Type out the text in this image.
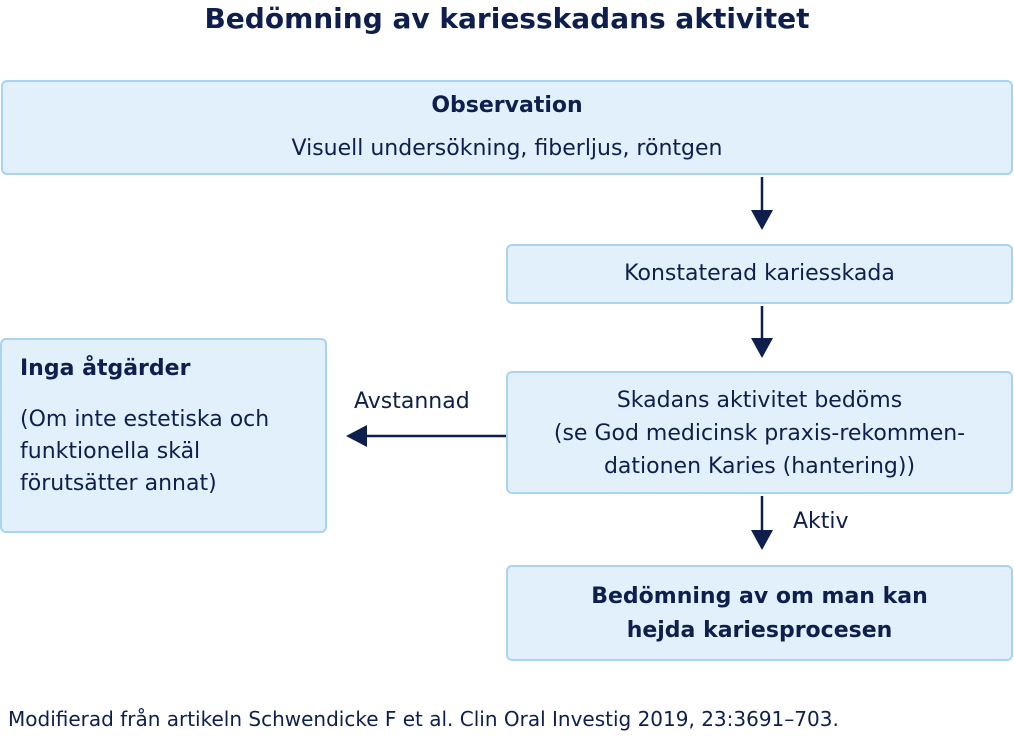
Bedömning av kariesskadans aktivitet
Observation
Visuell undersökning, fiberljus, röntgen
Konstaterad kariesskada
Skadans aktivitet bedöms
(se God medicinsk praxis-rekommen-
dationen Karies (hantering))
Inga åtgärder
(Om inte estetiska och
funktionella skäl
förutsätter annat)
Bedömning av om man kan
hejda kariesprocesen
Avstannad
Aktiv
Modifierad från artikeln Schwendicke F et al. Clin Oral Investig 2019, 23:3691–703.
